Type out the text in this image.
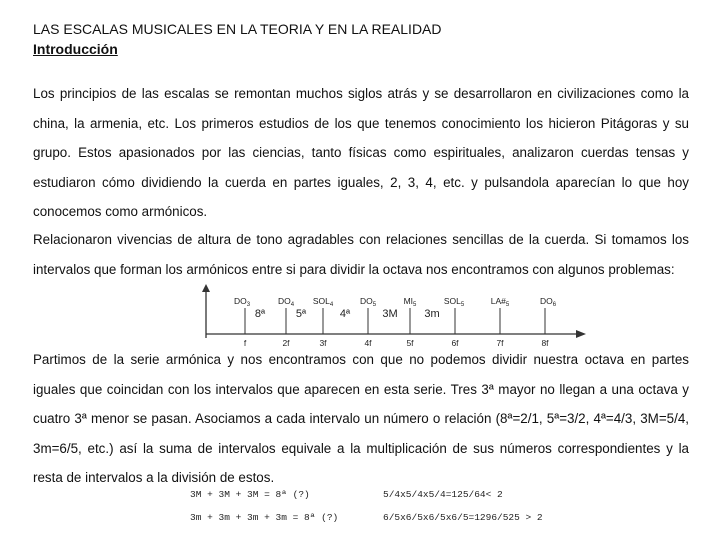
LAS ESCALAS MUSICALES EN LA TEORIA Y EN LA REALIDAD
Introducción
Los principios de las escalas se remontan muchos siglos atrás y se desarrollaron en civilizaciones como la china, la armenia, etc. Los primeros estudios de los que tenemos conocimiento los hicieron Pitágoras y su grupo. Estos apasionados por las ciencias, tanto físicas como espirituales, analizaron cuerdas tensas y estudiaron cómo dividiendo la cuerda en partes iguales, 2, 3, 4, etc. y pulsandola aparecían lo que hoy conocemos como armónicos.
Relacionaron vivencias de altura de tono agradables con relaciones sencillas de la cuerda. Si tomamos los intervalos que forman los armónicos entre si para dividir la octava nos encontramos con algunos problemas:
$DO_3$	$DO_4$ $SOL_4$	$DO_5$	$MI_5$	$SOL_5$	$LA\#_5$	$DO_6$
8ª	5ª	4ª	3M 3m
f	2f	3f	4f	5f	6f	7f	8f
Partimos de la serie armónica y nos encontramos con que no podemos dividir nuestra octava en partes iguales que coincidan con los intervalos que aparecen en esta serie. Tres 3ª mayor no llegan a una octava y cuatro 3ª menor se pasan. Asociamos a cada intervalo un número o relación (8ª=2/1, 5ª=3/2, 4ª=4/3, 3M=5/4, 3m=6/5, etc.) así la suma de intervalos equivale a la multiplicación de sus números correspondientes y la resta de intervalos a la división de estos.
3M + 3M + 3M = 8ª (?)	5/4x5/4x5/4=125/64< 2
3m + 3m + 3m + 3m = 8ª (?)	6/5x6/5x6/5x6/5=1296/525 > 2
